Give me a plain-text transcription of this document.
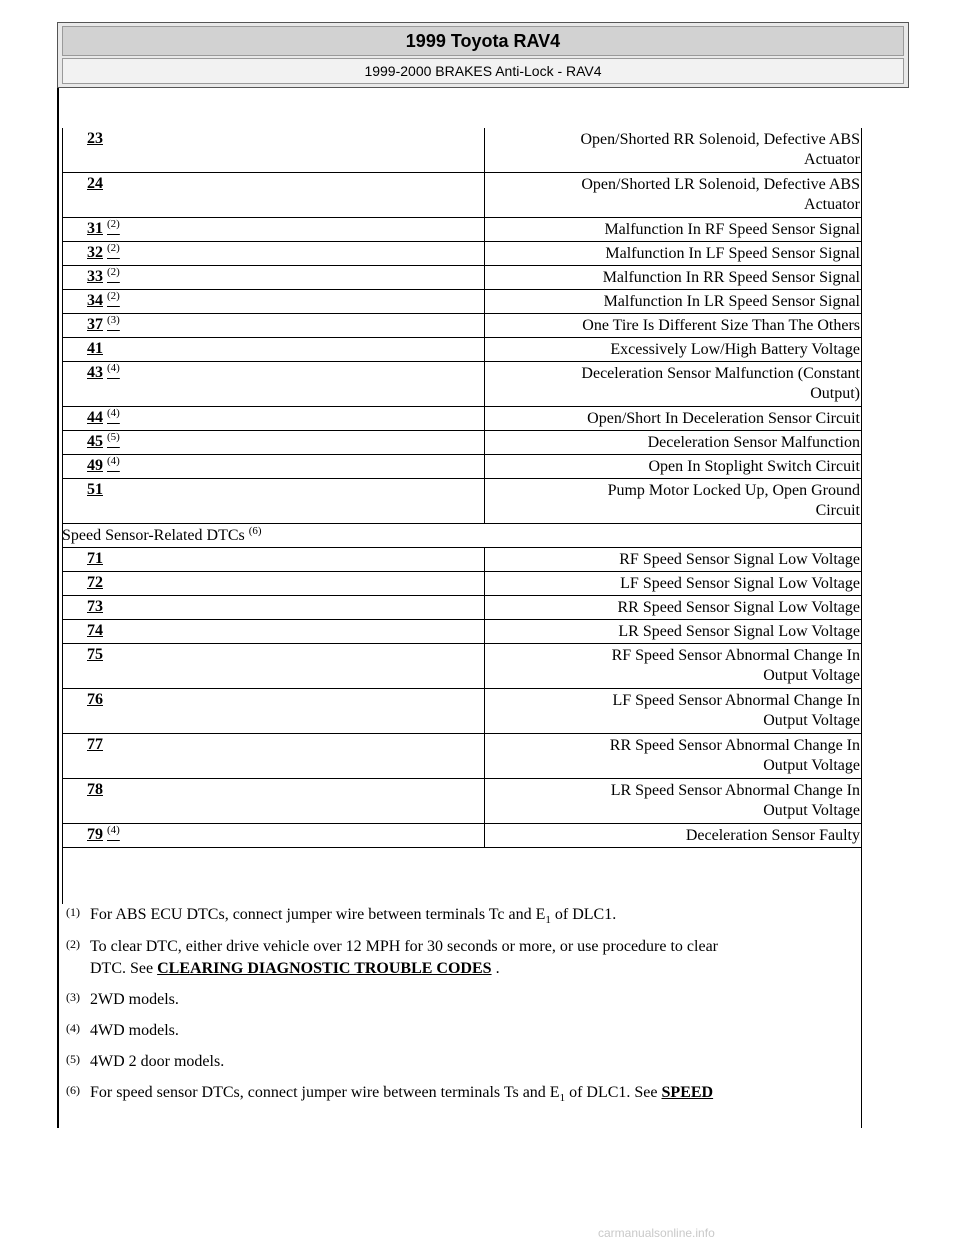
1999 Toyota RAV4
1999-2000 BRAKES Anti-Lock - RAV4
23	Open/Shorted RR Solenoid, Defective ABS
Actuator
24	Open/Shorted LR Solenoid, Defective ABS
Actuator
31 $^{(2)}$	Malfunction In RF Speed Sensor Signal
32 $^{(2)}$	Malfunction In LF Speed Sensor Signal
33 $^{(2)}$	Malfunction In RR Speed Sensor Signal
34 $^{(2)}$	Malfunction In LR Speed Sensor Signal
37 $^{(3)}$	One Tire Is Different Size Than The Others
41	Excessively Low/High Battery Voltage
43 $^{(4)}$	Deceleration Sensor Malfunction (Constant
Output)
44 $^{(4)}$	Open/Short In Deceleration Sensor Circuit
45 $^{(5)}$	Deceleration Sensor Malfunction
49 $^{(4)}$	Open In Stoplight Switch Circuit
51	Pump Motor Locked Up, Open Ground
Circuit
Speed Sensor-Related DTCs $^{(6)}$
71	RF Speed Sensor Signal Low Voltage
72	LF Speed Sensor Signal Low Voltage
73	RR Speed Sensor Signal Low Voltage
74	LR Speed Sensor Signal Low Voltage
75	RF Speed Sensor Abnormal Change In
Output Voltage
76	LF Speed Sensor Abnormal Change In
Output Voltage
77	RR Speed Sensor Abnormal Change In
Output Voltage
78	LR Speed Sensor Abnormal Change In
Output Voltage
79 $^{(4)}$	Deceleration Sensor Faulty
(1) For ABS ECU DTCs, connect jumper wire between terminals Tc and $E_1$ of DLC1.
(2) To clear DTC, either drive vehicle over 12 MPH for 30 seconds or more, or use procedure to clear
DTC. See CLEARING DIAGNOSTIC TROUBLE CODES .
(3) 2WD models.
(4) 4WD models.
(5) 4WD 2 door models.
(6) For speed sensor DTCs, connect jumper wire between terminals Ts and $E_1$ of DLC1. See SPEED
carmanualsonline.info
